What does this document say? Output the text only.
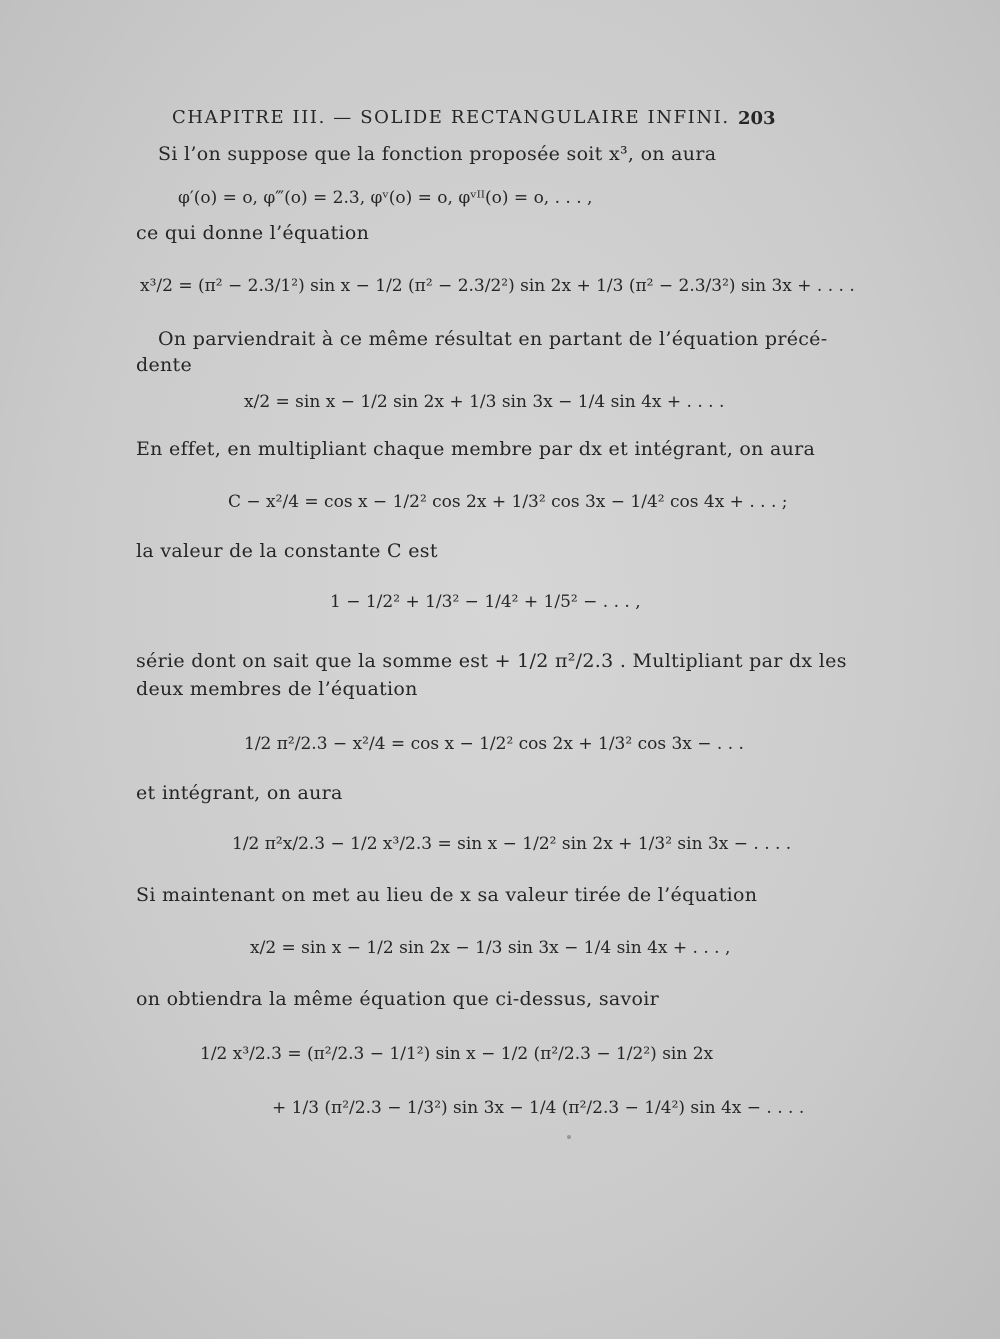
CHAPITRE III. — SOLIDE RECTANGULAIRE INFINI. 203
Si l’on suppose que la fonction proposée soit x³, on aura
φ′(o) = o, φ‴(o) = 2.3, φᵛ(o) = o, φᵛᴵᴵ(o) = o, . . . ,
ce qui donne l’équation
x³/2 = (π² − 2.3/1²) sin x − 1/2 (π² − 2.3/2²) sin 2x + 1/3 (π² − 2.3/3²) sin 3x + . . . .
On parviendrait à ce même résultat en partant de l’équation précé-
dente
x/2 = sin x − 1/2 sin 2x + 1/3 sin 3x − 1/4 sin 4x + . . . .
En effet, en multipliant chaque membre par dx et intégrant, on aura
C − x²/4 = cos x − 1/2² cos 2x + 1/3² cos 3x − 1/4² cos 4x + . . . ;
la valeur de la constante C est
1 − 1/2² + 1/3² − 1/4² + 1/5² − . . . ,
série dont on sait que la somme est + 1/2 π²/2.3 . Multipliant par dx les
deux membres de l’équation
1/2 π²/2.3 − x²/4 = cos x − 1/2² cos 2x + 1/3² cos 3x − . . .
et intégrant, on aura
1/2 π²x/2.3 − 1/2 x³/2.3 = sin x − 1/2² sin 2x + 1/3² sin 3x − . . . .
Si maintenant on met au lieu de x sa valeur tirée de l’équation
x/2 = sin x − 1/2 sin 2x − 1/3 sin 3x − 1/4 sin 4x + . . . ,
on obtiendra la même équation que ci-dessus, savoir
1/2 x³/2.3 = (π²/2.3 − 1/1²) sin x − 1/2 (π²/2.3 − 1/2²) sin 2x
+ 1/3 (π²/2.3 − 1/3²) sin 3x − 1/4 (π²/2.3 − 1/4²) sin 4x − . . . .
